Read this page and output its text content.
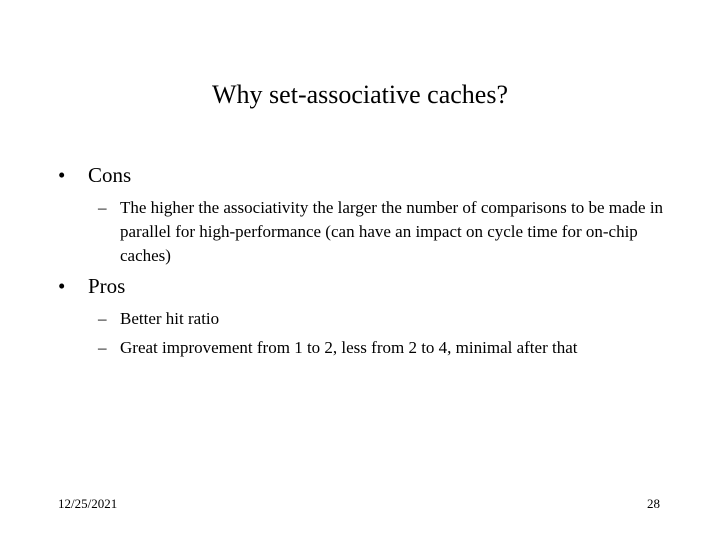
Why set-associative caches?
• Cons
– The higher the associativity the larger the number of comparisons to be made in parallel for high-performance (can have an impact on cycle time for on-chip caches)
• Pros
– Better hit ratio
– Great improvement from 1 to 2, less from 2 to 4, minimal after that
12/25/2021	28
